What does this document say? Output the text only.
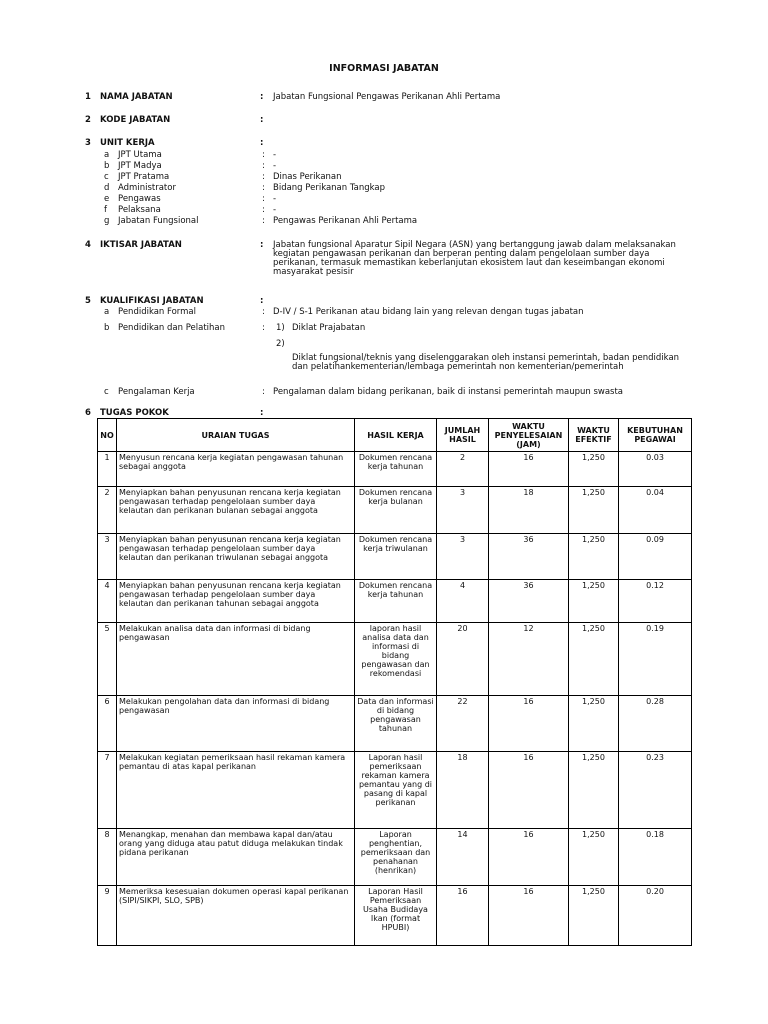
INFORMASI JABATAN
1 NAMA JABATAN	: Jabatan Fungsional Pengawas Perikanan Ahli Pertama
2 KODE JABATAN	:
3 UNIT KERJA	:
a JPT Utama	: -
b JPT Madya	: -
c JPT Pratama	: Dinas Perikanan
d Administrator	: Bidang Perikanan Tangkap
e Pengawas	: -
f Pelaksana	: -
g Jabatan Fungsional	: Pengawas Perikanan Ahli Pertama
4 IKTISAR JABATAN	: Jabatan fungsional Aparatur Sipil Negara (ASN) yang bertanggung jawab dalam melaksanakan
kegiatan pengawasan perikanan dan berperan penting dalam pengelolaan sumber daya
perikanan, termasuk memastikan keberlanjutan ekosistem laut dan keseimbangan ekonomi
masyarakat pesisir
5 KUALIFIKASI JABATAN	:
a Pendidikan Formal	: D-IV / S-1 Perikanan atau bidang lain yang relevan dengan tugas jabatan
b Pendidikan dan Pelatihan	: 1) Diklat Prajabatan
2)
Diklat fungsional/teknis yang diselenggarakan oleh instansi pemerintah, badan pendidikan
dan pelatihankementerian/lembaga pemerintah non kementerian/pemerintah
c Pengalaman Kerja	: Pengalaman dalam bidang perikanan, baik di instansi pemerintah maupun swasta
6 TUGAS POKOK	:
NO	URAIAN TUGAS	HASIL KERJA	JUMLAH HASIL	WAKTU PENYELESAIAN (JAM)	WAKTU EFEKTIF	KEBUTUHAN PEGAWAI
1	Menyusun rencana kerja kegiatan pengawasan tahunan sebagai anggota	Dokumen rencana kerja tahunan	2	16	1,250	0.03
2	Menyiapkan bahan penyusunan rencana kerja kegiatan pengawasan terhadap pengelolaan sumber daya kelautan dan perikanan bulanan sebagai anggota	Dokumen rencana kerja bulanan	3	18	1,250	0.04
3	Menyiapkan bahan penyusunan rencana kerja kegiatan pengawasan terhadap pengelolaan sumber daya kelautan dan perikanan triwulanan sebagai anggota	Dokumen rencana kerja triwulanan	3	36	1,250	0.09
4	Menyiapkan bahan penyusunan rencana kerja kegiatan pengawasan terhadap pengelolaan sumber daya kelautan dan perikanan tahunan sebagai anggota	Dokumen rencana kerja tahunan	4	36	1,250	0.12
5	Melakukan analisa data dan informasi di bidang pengawasan	laporan hasil analisa data dan informasi di bidang pengawasan dan rekomendasi	20	12	1,250	0.19
6	Melakukan pengolahan data dan informasi di bidang pengawasan	Data dan informasi di bidang pengawasan tahunan	22	16	1,250	0.28
7	Melakukan kegiatan pemeriksaan hasil rekaman kamera pemantau di atas kapal perikanan	Laporan hasil pemeriksaan rekaman kamera pemantau yang di pasang di kapal perikanan	18	16	1,250	0.23
8	Menangkap, menahan dan membawa kapal dan/atau orang yang diduga atau patut diduga melakukan tindak pidana perikanan	Laporan penghentian, pemeriksaan dan penahanan (henrikan)	14	16	1,250	0.18
9	Memeriksa kesesuaian dokumen operasi kapal perikanan (SIPI/SIKPI, SLO, SPB)	Laporan Hasil Pemeriksaan Usaha Budidaya Ikan (format HPUBI)	16	16	1,250	0.20
